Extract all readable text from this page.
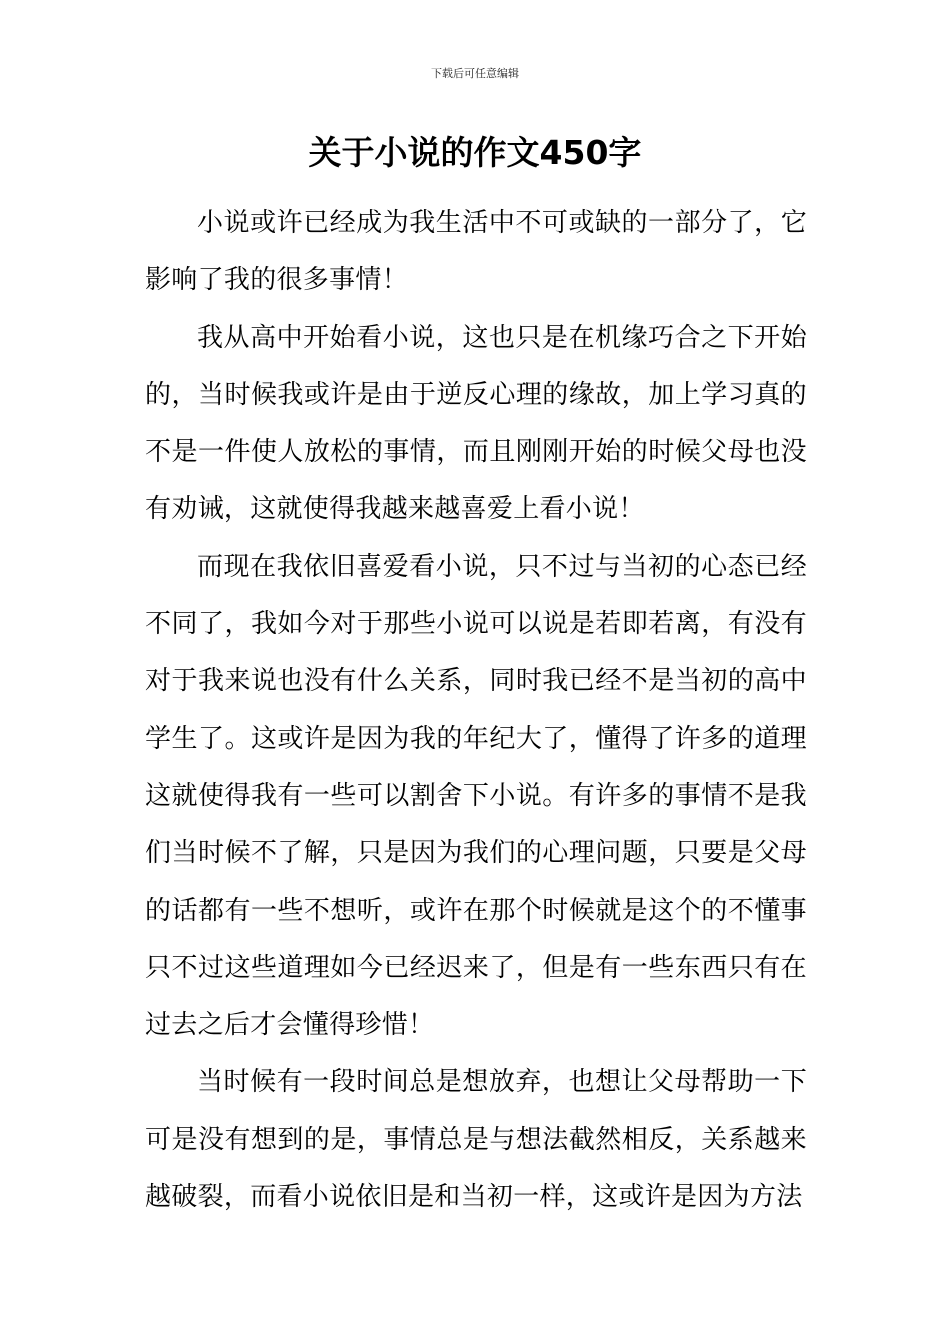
下载后可任意编辑
关于小说的作文450字

小说或许已经成为我生活中不可或缺的一部分了，它影响了我的很多事情！

我从高中开始看小说，这也只是在机缘巧合之下开始的，当时候我或许是由于逆反心理的缘故，加上学习真的不是一件使人放松的事情，而且刚刚开始的时候父母也没有劝诫，这就使得我越来越喜爱上看小说！

而现在我依旧喜爱看小说，只不过与当初的心态已经不同了，我如今对于那些小说可以说是若即若离，有没有对于我来说也没有什么关系，同时我已经不是当初的高中学生了。这或许是因为我的年纪大了，懂得了许多的道理这就使得我有一些可以割舍下小说。有许多的事情不是我们当时候不了解，只是因为我们的心理问题，只要是父母的话都有一些不想听，或许在那个时候就是这个的不懂事只不过这些道理如今已经迟来了，但是有一些东西只有在过去之后才会懂得珍惜！

当时候有一段时间总是想放弃，也想让父母帮助一下可是没有想到的是，事情总是与想法截然相反，关系越来越破裂，而看小说依旧是和当初一样，这或许是因为方法
